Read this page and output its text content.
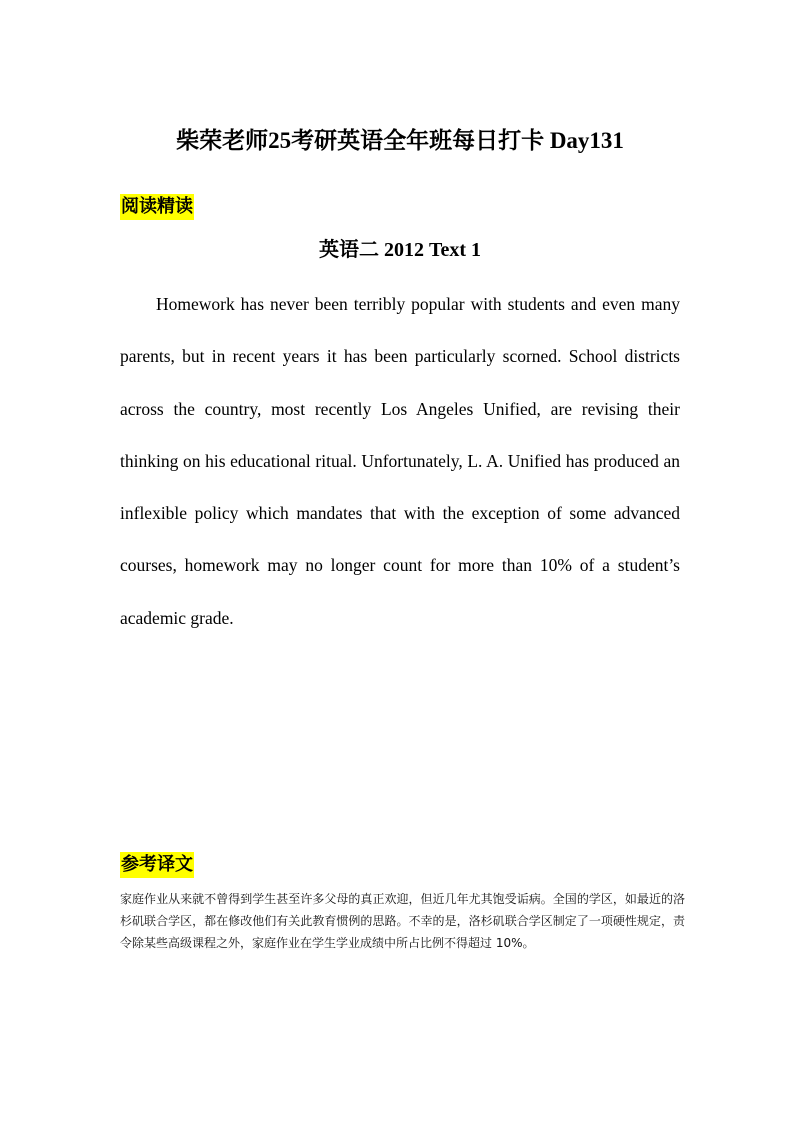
柴荣老师25考研英语全年班每日打卡 Day131
阅读精读
英语二 2012 Text 1

Homework has never been terribly popular with students and even many parents, but in recent years it has been particularly scorned. School districts across the country, most recently Los Angeles Unified, are revising their thinking on his educational ritual. Unfortunately, L. A. Unified has produced an inflexible policy which mandates that with the exception of some advanced courses, homework may no longer count for more than 10% of a student’s academic grade.

参考译文

家庭作业从来就不曾得到学生甚至许多父母的真正欢迎，但近几年尤其饱受诟病。全国的学区，如最近的洛杉矶联合学区，都在修改他们有关此教育惯例的思路。不幸的是，洛杉矶联合学区制定了一项硬性规定，责令除某些高级课程之外，家庭作业在学生学业成绩中所占比例不得超过 10%。
